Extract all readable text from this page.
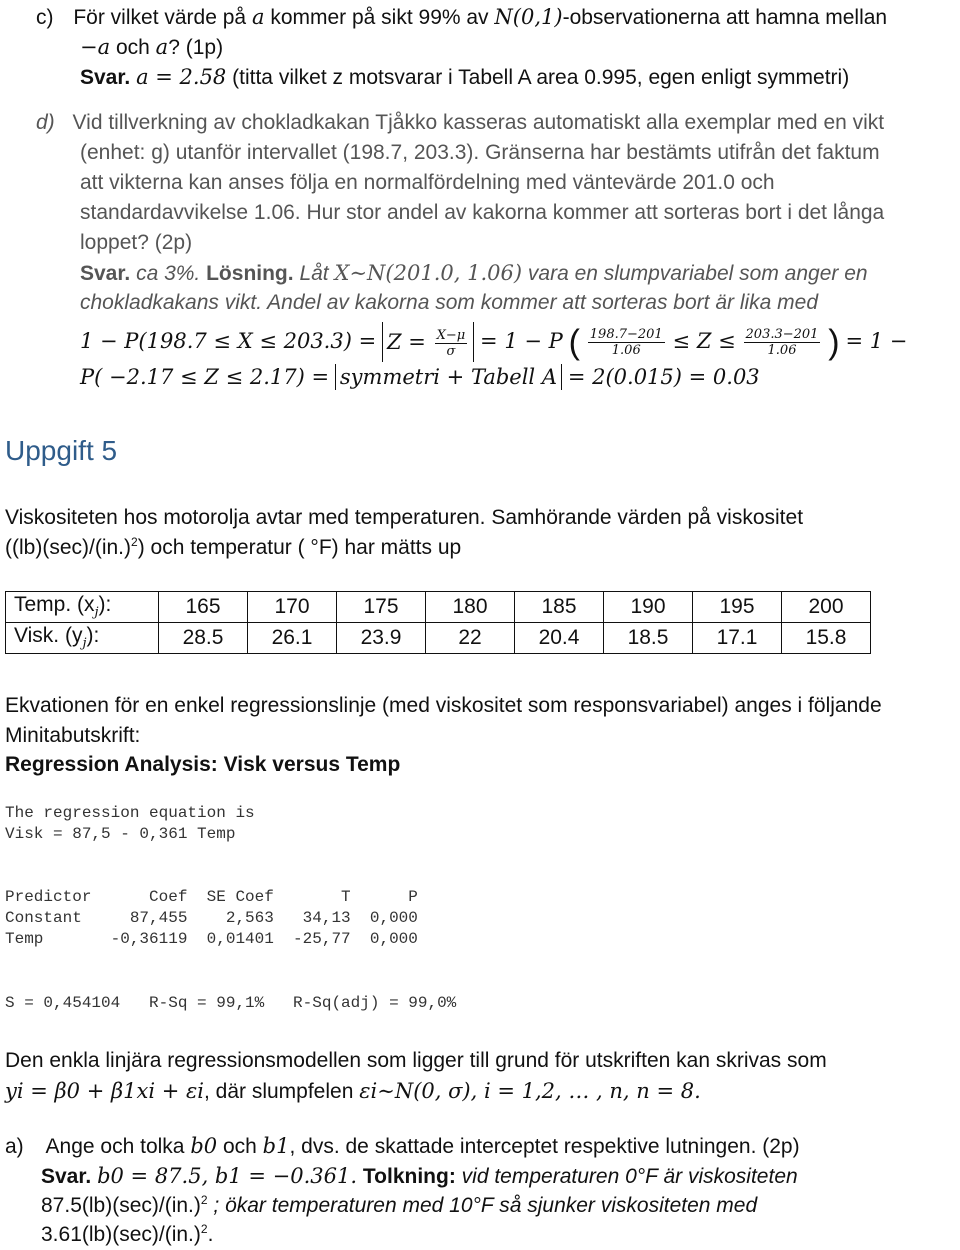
c) För vilket värde på a kommer på sikt 99% av N(0,1)-observationerna att hamna mellan
−a och a? (1p)
Svar. a = 2.58 (titta vilket z motsvarar i Tabell A area 0.995, egen enligt symmetri)
d) Vid tillverkning av chokladkakan Tjåkko kasseras automatiskt alla exemplar med en vikt
(enhet: g) utanför intervallet (198.7, 203.3). Gränserna har bestämts utifrån det faktum
att vikterna kan anses följa en normalfördelning med väntevärde 201.0 och
standardavvikelse 1.06. Hur stor andel av kakorna kommer att sorteras bort i det långa
loppet? (2p)
Svar. ca 3%. Lösning. Låt X∼N(201.0, 1.06) vara en slumpvariabel som anger en
chokladkakans vikt. Andel av kakorna som kommer att sorteras bort är lika med
$1 - P(198.7 \le X \le 203.3) = Z = \frac{X-\mu}{\sigma} = 1 - P$ ( $\frac{198.7-201}{1.06} \le Z \le \frac{203.3-201}{1.06}$ ) = 1 −
P( −2.17 ≤ Z ≤ 2.17) = symmetri + Tabell A = 2(0.015) = 0.03
Uppgift 5
Viskositeten hos motorolja avtar med temperaturen. Samhörande värden på viskositet
$((lb)(\sec)/(in.)^2)$ och temperatur ( °F) har mätts up
Temp. $(x_j)$:	165	170	175	180	185	190	195	200
Visk. $(y_j)$:	28.5	26.1	23.9	22	20.4	18.5	17.1	15.8
Ekvationen för en enkel regressionslinje (med viskositet som responsvariabel) anges i följande
Minitabutskrift:
Regression Analysis: Visk versus Temp
The regression equation is
Visk = 87,5 - 0,361 Temp
Predictor      Coef  SE Coef       T      P
Constant     87,455    2,563   34,13  0,000
Temp       -0,36119  0,01401  -25,77  0,000
S = 0,454104   R-Sq = 99,1%   R-Sq(adj) = 99,0%
Den enkla linjära regressionsmodellen som ligger till grund för utskriften kan skrivas som
yi = β0 + β1xi + εi, där slumpfelen εi∼N(0, σ), i = 1,2, … , n, n = 8.
a) Ange och tolka b0 och b1, dvs. de skattade interceptet respektive lutningen. (2p)
Svar. b0 = 87.5, b1 = −0.361. Tolkning: vid temperaturen 0°F är viskositeten
$87.5(lb)(\sec)/(in.)^2$ ; ökar temperaturen med 10°F så sjunker viskositeten med
$3.61(lb)(\sec)/(in.)^2$.
